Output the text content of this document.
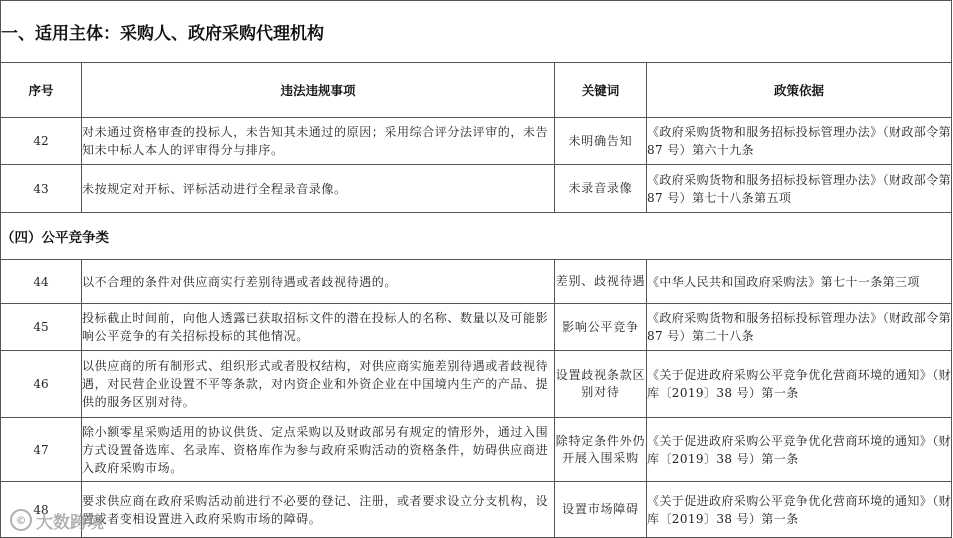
一、适用主体：采购人、政府采购代理机构			
序号	违法违规事项	关键词	政策依据
42	对未通过资格审查的投标人，未告知其未通过的原因；采用综合评分法评审的，未告知未中标人本人的评审得分与排序。	未明确告知	《政府采购货物和服务招标投标管理办法》（财政部令第 87 号）第六十九条
43	未按规定对开标、评标活动进行全程录音录像。	未录音录像	《政府采购货物和服务招标投标管理办法》（财政部令第 87 号）第七十八条第五项
（四）公平竞争类			
44	以不合理的条件对供应商实行差别待遇或者歧视待遇的。	差别、歧视待遇	《中华人民共和国政府采购法》第七十一条第三项
45	投标截止时间前，向他人透露已获取招标文件的潜在投标人的名称、数量以及可能影响公平竞争的有关招标投标的其他情况。	影响公平竞争	《政府采购货物和服务招标投标管理办法》（财政部令第 87 号）第二十八条
46	以供应商的所有制形式、组织形式或者股权结构，对供应商实施差别待遇或者歧视待遇，对民营企业设置不平等条款，对内资企业和外资企业在中国境内生产的产品、提供的服务区别对待。	设置歧视条款区别对待	《关于促进政府采购公平竞争优化营商环境的通知》（财库〔2019〕38 号）第一条
47	除小额零星采购适用的协议供货、定点采购以及财政部另有规定的情形外，通过入围方式设置备选库、名录库、资格库作为参与政府采购活动的资格条件，妨碍供应商进入政府采购市场。	除特定条件外仍开展入围采购	《关于促进政府采购公平竞争优化营商环境的通知》（财库〔2019〕38 号）第一条
48	要求供应商在政府采购活动前进行不必要的登记、注册，或者要求设立分支机构，设置或者变相设置进入政府采购市场的障碍。	设置市场障碍	《关于促进政府采购公平竞争优化营商环境的通知》（财库〔2019〕38 号）第一条
© 大数跨境
